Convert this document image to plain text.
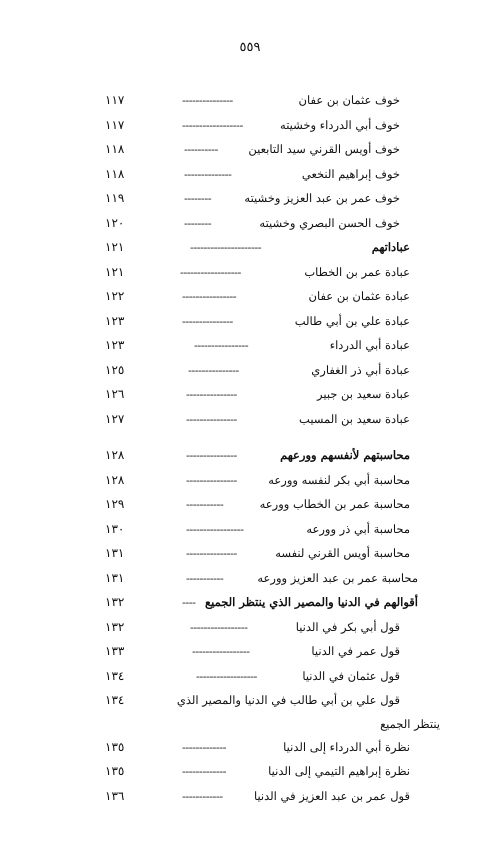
٥٥٩
خوف عثمان بن عفان
---------------
١١٧
خوف أبي الدرداء وخشيته
------------------
١١٧
خوف أويس القرني سيد التابعين
----------
١١٨
خوف إبراهيم النخعي
--------------
١١٨
خوف عمر بن عبد العزيز وخشيته
--------
١١٩
خوف الحسن البصري وخشيته
--------
١٢٠
عباداتهم
---------------------
١٢١
عبادة عمر بن الخطاب
------------------
١٢١
عبادة عثمان بن عفان
----------------
١٢٢
عبادة علي بن أبي طالب
---------------
١٢٣
عبادة أبي الدرداء
----------------
١٢٣
عبادة أبي ذر الغفاري
---------------
١٢٥
عبادة سعيد بن جبير
---------------
١٢٦
عبادة سعيد بن المسيب
---------------
١٢٧
محاسبتهم لأنفسهم وورعهم
---------------
١٢٨
محاسبة أبي بكر لنفسه وورعه
---------------
١٢٨
محاسبة عمر بن الخطاب وورعه
-----------
١٢٩
محاسبة أبي ذر وورعه
-----------------
١٣٠
محاسبة أويس القرني لنفسه
---------------
١٣١
محاسبة عمر بن عبد العزيز وورعه
-----------
١٣١
أقوالهم في الدنيا والمصير الذي ينتظر الجميع
----
١٣٢
قول أبي بكر في الدنيا
-----------------
١٣٢
قول عمر في الدنيا
-----------------
١٣٣
قول عثمان في الدنيا
------------------
١٣٤
قول علي بن أبي طالب في الدنيا والمصير الذي
١٣٤
ينتظر الجميع
نظرة أبي الدرداء إلى الدنيا
-------------
١٣٥
نظرة إبراهيم التيمي إلى الدنيا
-------------
١٣٥
قول عمر بن عبد العزيز في الدنيا
------------
١٣٦
